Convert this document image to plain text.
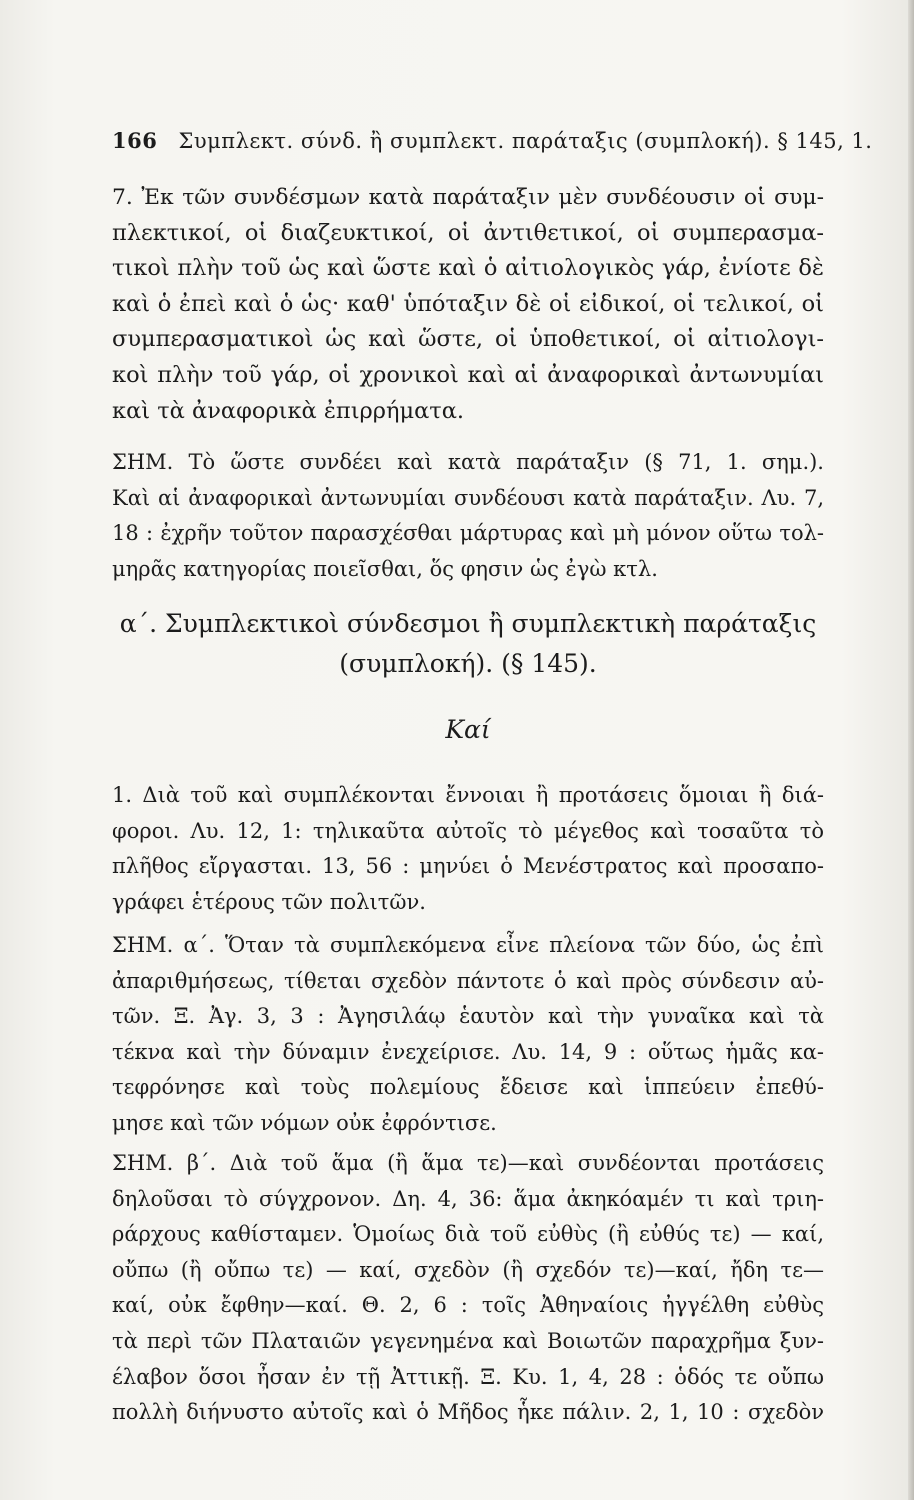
166 Συμπλεκτ. σύνδ. ἢ συμπλεκτ. παράταξις (συμπλοκή). § 145, 1.
7. Ἐκ τῶν συνδέσμων κατὰ παράταξιν μὲν συνδέουσιν οἱ συμ-
πλεκτικοί, οἱ διαζευκτικοί, οἱ ἀντιθετικοί, οἱ συμπερασμα-
τικοὶ πλὴν τοῦ ὡς καὶ ὥστε καὶ ὁ αἰτιολογικὸς γάρ, ἐνίοτε δὲ
καὶ ὁ ἐπεὶ καὶ ὁ ὡς· καθ' ὑπόταξιν δὲ οἱ εἰδικοί, οἱ τελικοί, οἱ
συμπερασματικοὶ ὡς καὶ ὥστε, οἱ ὑποθετικοί, οἱ αἰτιολογι-
κοὶ πλὴν τοῦ γάρ, οἱ χρονικοὶ καὶ αἱ ἀναφορικαὶ ἀντωνυμίαι
καὶ τὰ ἀναφορικὰ ἐπιρρήματα.
ΣΗΜ. Τὸ ὥστε συνδέει καὶ κατὰ παράταξιν (§ 71, 1. σημ.).
Καὶ αἱ ἀναφορικαὶ ἀντωνυμίαι συνδέουσι κατὰ παράταξιν. Λυ. 7,
18 : ἐχρῆν τοῦτον παρασχέσθαι μάρτυρας καὶ μὴ μόνον οὕτω τολ-
μηρᾶς κατηγορίας ποιεῖσθαι, ὅς φησιν ὡς ἐγὼ κτλ.
α΄. Συμπλεκτικοὶ σύνδεσμοι ἢ συμπλεκτικὴ παράταξις
(συμπλοκή). (§ 145).
Καί
1. Διὰ τοῦ καὶ συμπλέκονται ἔννοιαι ἢ προτάσεις ὅμοιαι ἢ διά-
φοροι. Λυ. 12, 1: τηλικαῦτα αὐτοῖς τὸ μέγεθος καὶ τοσαῦτα τὸ
πλῆθος εἴργασται. 13, 56 : μηνύει ὁ Μενέστρατος καὶ προσαπο-
γράφει ἑτέρους τῶν πολιτῶν.
ΣΗΜ. α΄. Ὅταν τὰ συμπλεκόμενα εἶνε πλείονα τῶν δύο, ὡς ἐπὶ
ἀπαριθμήσεως, τίθεται σχεδὸν πάντοτε ὁ καὶ πρὸς σύνδεσιν αὐ-
τῶν. Ξ. Ἀγ. 3, 3 : Ἀγησιλάῳ ἑαυτὸν καὶ τὴν γυναῖκα καὶ τὰ
τέκνα καὶ τὴν δύναμιν ἐνεχείρισε. Λυ. 14, 9 : οὕτως ἡμᾶς κα-
τεφρόνησε καὶ τοὺς πολεμίους ἔδεισε καὶ ἱππεύειν ἐπεθύ-
μησε καὶ τῶν νόμων οὐκ ἐφρόντισε.
ΣΗΜ. β΄. Διὰ τοῦ ἅμα (ἢ ἅμα τε)—καὶ συνδέονται προτάσεις
δηλοῦσαι τὸ σύγχρονον. Δη. 4, 36: ἅμα ἀκηκόαμέν τι καὶ τριη-
ράρχους καθίσταμεν. Ὁμοίως διὰ τοῦ εὐθὺς (ἢ εὐθύς τε) — καί,
οὔπω (ἢ οὔπω τε) — καί, σχεδὸν (ἢ σχεδόν τε)—καί, ἤδη τε—
καί, οὐκ ἔφθην—καί. Θ. 2, 6 : τοῖς Ἀθηναίοις ἠγγέλθη εὐθὺς
τὰ περὶ τῶν Πλαταιῶν γεγενημένα καὶ Βοιωτῶν παραχρῆμα ξυν-
έλαβον ὅσοι ἦσαν ἐν τῇ Ἀττικῇ. Ξ. Κυ. 1, 4, 28 : ὁδός τε οὔπω
πολλὴ διήνυστο αὐτοῖς καὶ ὁ Μῆδος ἧκε πάλιν. 2, 1, 10 : σχεδὸν
